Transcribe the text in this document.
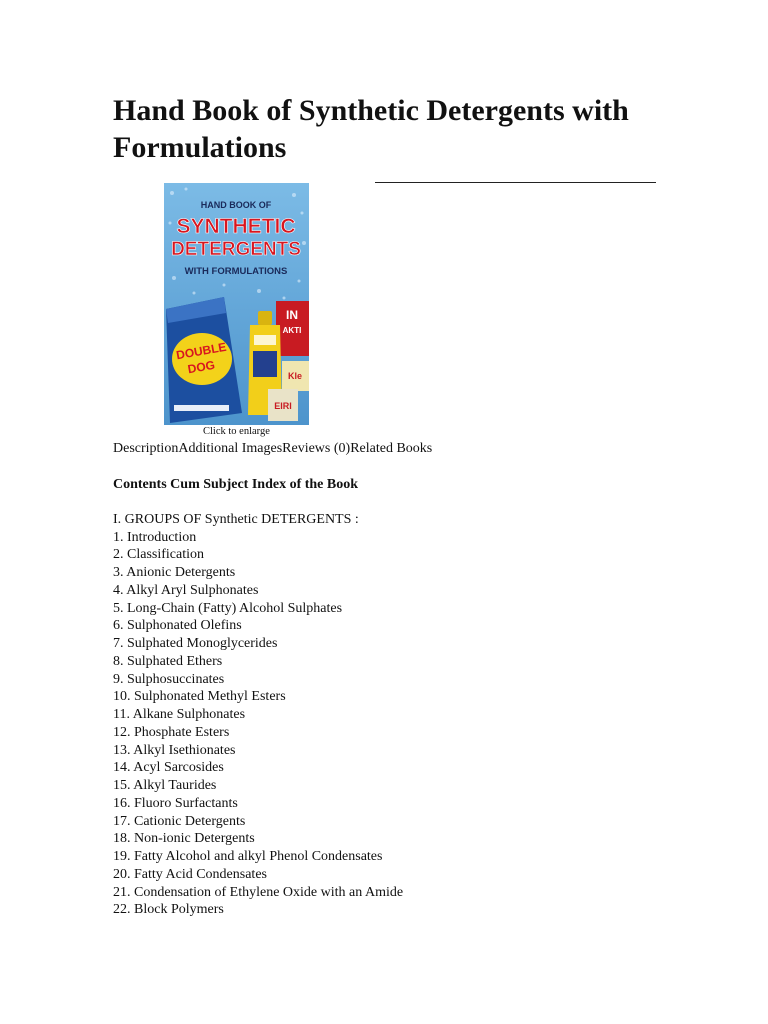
Hand Book of Synthetic Detergents with Formulations
HAND BOOK OF
SYNTHETIC
DETERGENTS
WITH FORMULATIONS
DOUBLE
DOG
IN
AKTI
Kle
EIRI
Click to enlarge
DescriptionAdditional ImagesReviews (0)Related Books
Contents Cum Subject Index of the Book
I. GROUPS OF Synthetic DETERGENTS :
1. Introduction
2. Classification
3. Anionic Detergents
4. Alkyl Aryl Sulphonates
5. Long-Chain (Fatty) Alcohol Sulphates
6. Sulphonated Olefins
7. Sulphated Monoglycerides
8. Sulphated Ethers
9. Sulphosuccinates
10. Sulphonated Methyl Esters
11. Alkane Sulphonates
12. Phosphate Esters
13. Alkyl Isethionates
14. Acyl Sarcosides
15. Alkyl Taurides
16. Fluoro Surfactants
17. Cationic Detergents
18. Non-ionic Detergents
19. Fatty Alcohol and alkyl Phenol Condensates
20. Fatty Acid Condensates
21. Condensation of Ethylene Oxide with an Amide
22. Block Polymers
